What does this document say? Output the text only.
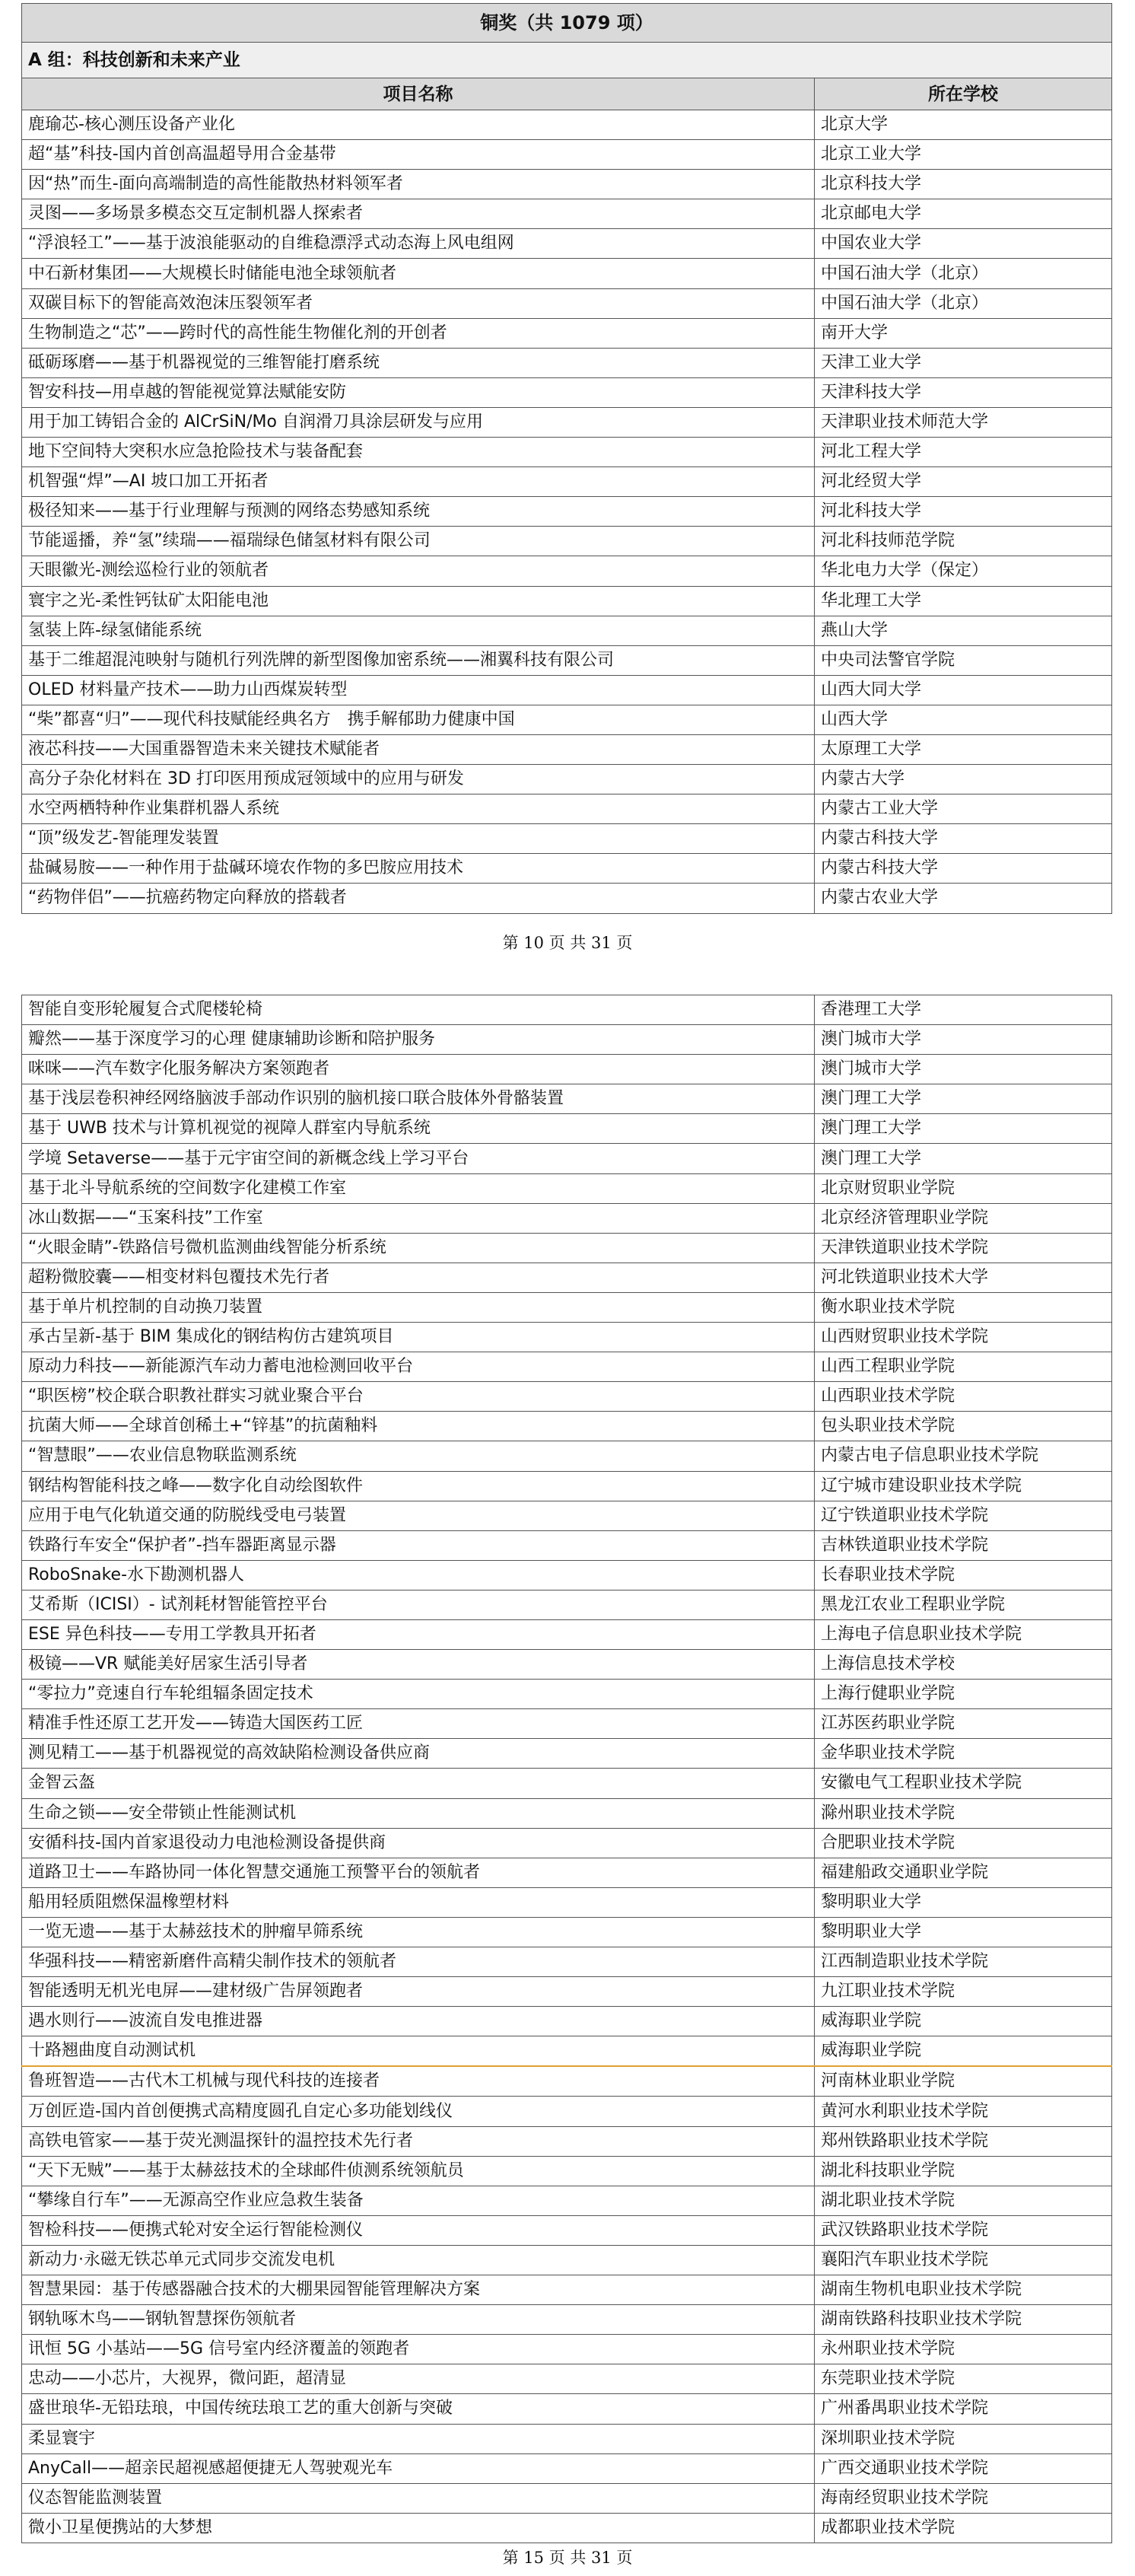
铜奖（共 1079 项）	
A 组：科技创新和未来产业	
项目名称	所在学校
鹿瑜芯-核心测压设备产业化	北京大学
超“基”科技-国内首创高温超导用合金基带	北京工业大学
因“热”而生-面向高端制造的高性能散热材料领军者	北京科技大学
灵图——多场景多模态交互定制机器人探索者	北京邮电大学
“浮浪轻工”——基于波浪能驱动的自维稳漂浮式动态海上风电组网	中国农业大学
中石新材集团——大规模长时储能电池全球领航者	中国石油大学（北京）
双碳目标下的智能高效泡沫压裂领军者	中国石油大学（北京）
生物制造之“芯”——跨时代的高性能生物催化剂的开创者	南开大学
砥砺琢磨——基于机器视觉的三维智能打磨系统	天津工业大学
智安科技—用卓越的智能视觉算法赋能安防	天津科技大学
用于加工铸铝合金的 AlCrSiN/Mo 自润滑刀具涂层研发与应用	天津职业技术师范大学
地下空间特大突积水应急抢险技术与装备配套	河北工程大学
机智强“焊”—AI 坡口加工开拓者	河北经贸大学
极径知来——基于行业理解与预测的网络态势感知系统	河北科技大学
节能遥播，养“氢”续瑞——福瑞绿色储氢材料有限公司	河北科技师范学院
天眼徽光-测绘巡检行业的领航者	华北电力大学（保定）
寰宇之光-柔性钙钛矿太阳能电池	华北理工大学
氢装上阵-绿氢储能系统	燕山大学
基于二维超混沌映射与随机行列洗牌的新型图像加密系统——湘翼科技有限公司	中央司法警官学院
OLED 材料量产技术——助力山西煤炭转型	山西大同大学
“柴”都喜“归”——现代科技赋能经典名方　携手解郁助力健康中国	山西大学
液芯科技——大国重器智造未来关键技术赋能者	太原理工大学
高分子杂化材料在 3D 打印医用预成冠领域中的应用与研发	内蒙古大学
水空两栖特种作业集群机器人系统	内蒙古工业大学
“顶”级发艺-智能理发装置	内蒙古科技大学
盐碱易胺——一种作用于盐碱环境农作物的多巴胺应用技术	内蒙古科技大学
“药物伴侣”——抗癌药物定向释放的搭载者	内蒙古农业大学
第 10 页 共 31 页
智能自变形轮履复合式爬楼轮椅	香港理工大学
瓣然——基于深度学习的心理 健康辅助诊断和陪护服务	澳门城市大学
咪咪——汽车数字化服务解决方案领跑者	澳门城市大学
基于浅层卷积神经网络脑波手部动作识别的脑机接口联合肢体外骨骼装置	澳门理工大学
基于 UWB 技术与计算机视觉的视障人群室内导航系统	澳门理工大学
学境 Setaverse——基于元宇宙空间的新概念线上学习平台	澳门理工大学
基于北斗导航系统的空间数字化建模工作室	北京财贸职业学院
冰山数据——“玉案科技”工作室	北京经济管理职业学院
“火眼金睛”-铁路信号微机监测曲线智能分析系统	天津铁道职业技术学院
超粉微胶囊——相变材料包覆技术先行者	河北铁道职业技术大学
基于单片机控制的自动换刀装置	衡水职业技术学院
承古呈新-基于 BIM 集成化的钢结构仿古建筑项目	山西财贸职业技术学院
原动力科技——新能源汽车动力蓄电池检测回收平台	山西工程职业学院
“职医榜”校企联合职教社群实习就业聚合平台	山西职业技术学院
抗菌大师——全球首创稀土+“锌基”的抗菌釉料	包头职业技术学院
“智慧眼”——农业信息物联监测系统	内蒙古电子信息职业技术学院
钢结构智能科技之峰——数字化自动绘图软件	辽宁城市建设职业技术学院
应用于电气化轨道交通的防脱线受电弓装置	辽宁铁道职业技术学院
铁路行车安全“保护者”-挡车器距离显示器	吉林铁道职业技术学院
RoboSnake-水下勘测机器人	长春职业技术学院
艾希斯（ICISI）- 试剂耗材智能管控平台	黑龙江农业工程职业学院
ESE 异色科技——专用工学教具开拓者	上海电子信息职业技术学院
极镜——VR 赋能美好居家生活引导者	上海信息技术学校
“零拉力”竞速自行车轮组辐条固定技术	上海行健职业学院
精准手性还原工艺开发——铸造大国医药工匠	江苏医药职业学院
测见精工——基于机器视觉的高效缺陷检测设备供应商	金华职业技术学院
金智云盔	安徽电气工程职业技术学院
生命之锁——安全带锁止性能测试机	滁州职业技术学院
安循科技-国内首家退役动力电池检测设备提供商	合肥职业技术学院
道路卫士——车路协同一体化智慧交通施工预警平台的领航者	福建船政交通职业学院
船用轻质阻燃保温橡塑材料	黎明职业大学
一览无遗——基于太赫兹技术的肿瘤早筛系统	黎明职业大学
华强科技——精密新磨件高精尖制作技术的领航者	江西制造职业技术学院
智能透明无机光电屏——建材级广告屏领跑者	九江职业技术学院
遇水则行——波流自发电推进器	威海职业学院
十路翘曲度自动测试机	威海职业学院
鲁班智造——古代木工机械与现代科技的连接者	河南林业职业学院
万创匠造-国内首创便携式高精度圆孔自定心多功能划线仪	黄河水利职业技术学院
高铁电管家——基于荧光测温探针的温控技术先行者	郑州铁路职业技术学院
“天下无贼”——基于太赫兹技术的全球邮件侦测系统领航员	湖北科技职业学院
“攀缘自行车”——无源高空作业应急救生装备	湖北职业技术学院
智检科技——便携式轮对安全运行智能检测仪	武汉铁路职业技术学院
新动力·永磁无铁芯单元式同步交流发电机	襄阳汽车职业技术学院
智慧果园：基于传感器融合技术的大棚果园智能管理解决方案	湖南生物机电职业技术学院
钢轨啄木鸟——钢轨智慧探伤领航者	湖南铁路科技职业技术学院
讯恒 5G 小基站——5G 信号室内经济覆盖的领跑者	永州职业技术学院
忠动——小芯片，大视界，微问距，超清显	东莞职业技术学院
盛世琅华-无铅珐琅，中国传统珐琅工艺的重大创新与突破	广州番禺职业技术学院
柔显寰宇	深圳职业技术学院
AnyCall——超亲民超视感超便捷无人驾驶观光车	广西交通职业技术学院
仪态智能监测装置	海南经贸职业技术学院
微小卫星便携站的大梦想	成都职业技术学院
第 15 页 共 31 页
